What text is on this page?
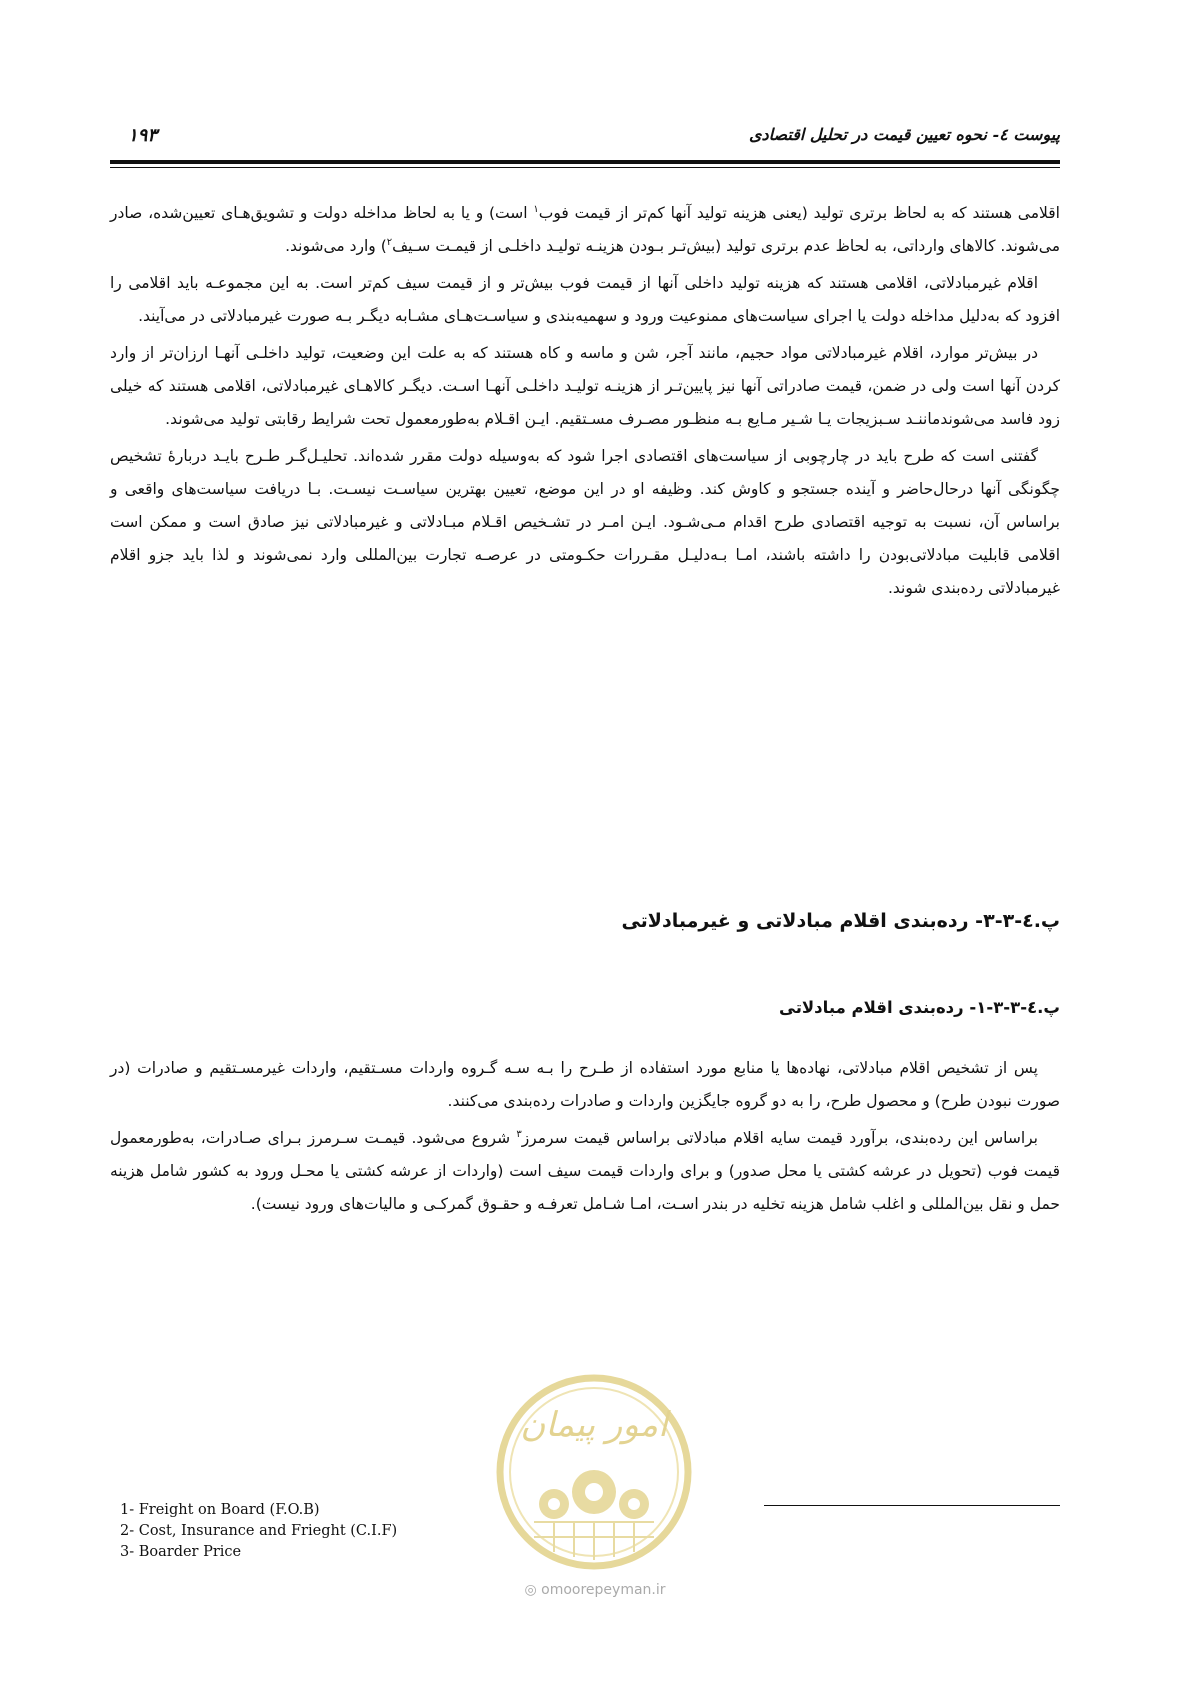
پیوست ٤- نحوه تعیین قیمت در تحلیل اقتصادی
۱۹۳

اقلامی هستند که به لحاظ برتری تولید (یعنی هزینه تولید آنها کم‌تر از قیمت فوب$^۱$ است) و یا به لحاظ مداخله دولت و تشویق‌هـای تعیین‌شده، صادر می‌شوند. کالاهای وارداتی، به لحاظ عدم برتری تولید (بیش‌تـر بـودن هزینـه تولیـد داخلـی از قیمـت سـیف$^۲$) وارد می‌شوند.

اقلام غیرمبادلاتی، اقلامی هستند که هزینه تولید داخلی آنها از قیمت فوب بیش‌تر و از قیمت سیف کم‌تر است. به این مجموعـه باید اقلامی را افزود که به‌دلیل مداخله دولت یا اجرای سیاست‌های ممنوعیت ورود و سهمیه‌بندی و سیاسـت‌هـای مشـابه دیگـر بـه صورت غیرمبادلاتی در می‌آیند.

در بیش‌تر موارد، اقلام غیرمبادلاتی مواد حجیم، مانند آجر، شن و ماسه و کاه هستند که به علت این وضعیت، تولید داخلـی آنهـا ارزان‌تر از وارد کردن آنها است ولی در ضمن، قیمت صادراتی آنها نیز پایین‌تـر از هزینـه تولیـد داخلـی آنهـا اسـت. دیگـر کالاهـای غیرمبادلاتی، اقلامی هستند که خیلی زود فاسد می‌شوندماننـد سـبزیجات یـا شـیر مـایع بـه منظـور مصـرف مسـتقیم. ایـن اقـلام به‌طورمعمول تحت شرایط رقابتی تولید می‌شوند.

گفتنی است که طرح باید در چارچوبی از سیاست‌های اقتصادی اجرا شود که به‌وسیله دولت مقرر شده‌اند. تحلیـل‌گـر طـرح بایـد دربارهٔ تشخیص چگونگی آنها درحال‌حاضر و آینده جستجو و کاوش کند. وظیفه او در این موضع، تعیین بهترین سیاسـت نیسـت. بـا دریافت سیاست‌های واقعی و براساس آن، نسبت به توجیه اقتصادی طرح اقدام مـی‌شـود. ایـن امـر در تشـخیص اقـلام مبـادلاتی و غیرمبادلاتی نیز صادق است و ممکن است اقلامی قابلیت مبادلاتی‌بودن را داشته باشند، امـا بـه‌دلیـل مقـررات حکـومتی در عرصـه تجارت بین‌المللی وارد نمی‌شوند و لذا باید جزو اقلام غیرمبادلاتی رده‌بندی شوند.

پ.٤-۳-۳- رده‌بندی اقلام مبادلاتی و غیرمبادلاتی
پ.٤-۳-۳-۱- رده‌بندی اقلام مبادلاتی

پس از تشخیص اقلام مبادلاتی، نهاده‌ها یا منابع مورد استفاده از طـرح را بـه سـه گـروه واردات مسـتقیم، واردات غیرمسـتقیم و صادرات (در صورت نبودن طرح) و محصول طرح، را به دو گروه جایگزین واردات و صادرات رده‌بندی می‌کنند.

براساس این رده‌بندی، برآورد قیمت سایه اقلام مبادلاتی براساس قیمت سرمرز$^۳$ شروع می‌شود. قیمـت سـرمرز بـرای صـادرات، به‌طورمعمول قیمت فوب (تحویل در عرشه کشتی یا محل صدور) و برای واردات قیمت سیف است (واردات از عرشه کشتی یا محـل ورود به کشور شامل هزینه حمل و نقل بین‌المللی و اغلب شامل هزینه تخلیه در بندر اسـت، امـا شـامل تعرفـه و حقـوق گمرکـی و مالیات‌های ورود نیست).

امور پیمان
◎ omoorepeyman.ir
1- Freight on Board (F.O.B)
2- Cost, Insurance and Frieght (C.I.F)
3- Boarder Price
